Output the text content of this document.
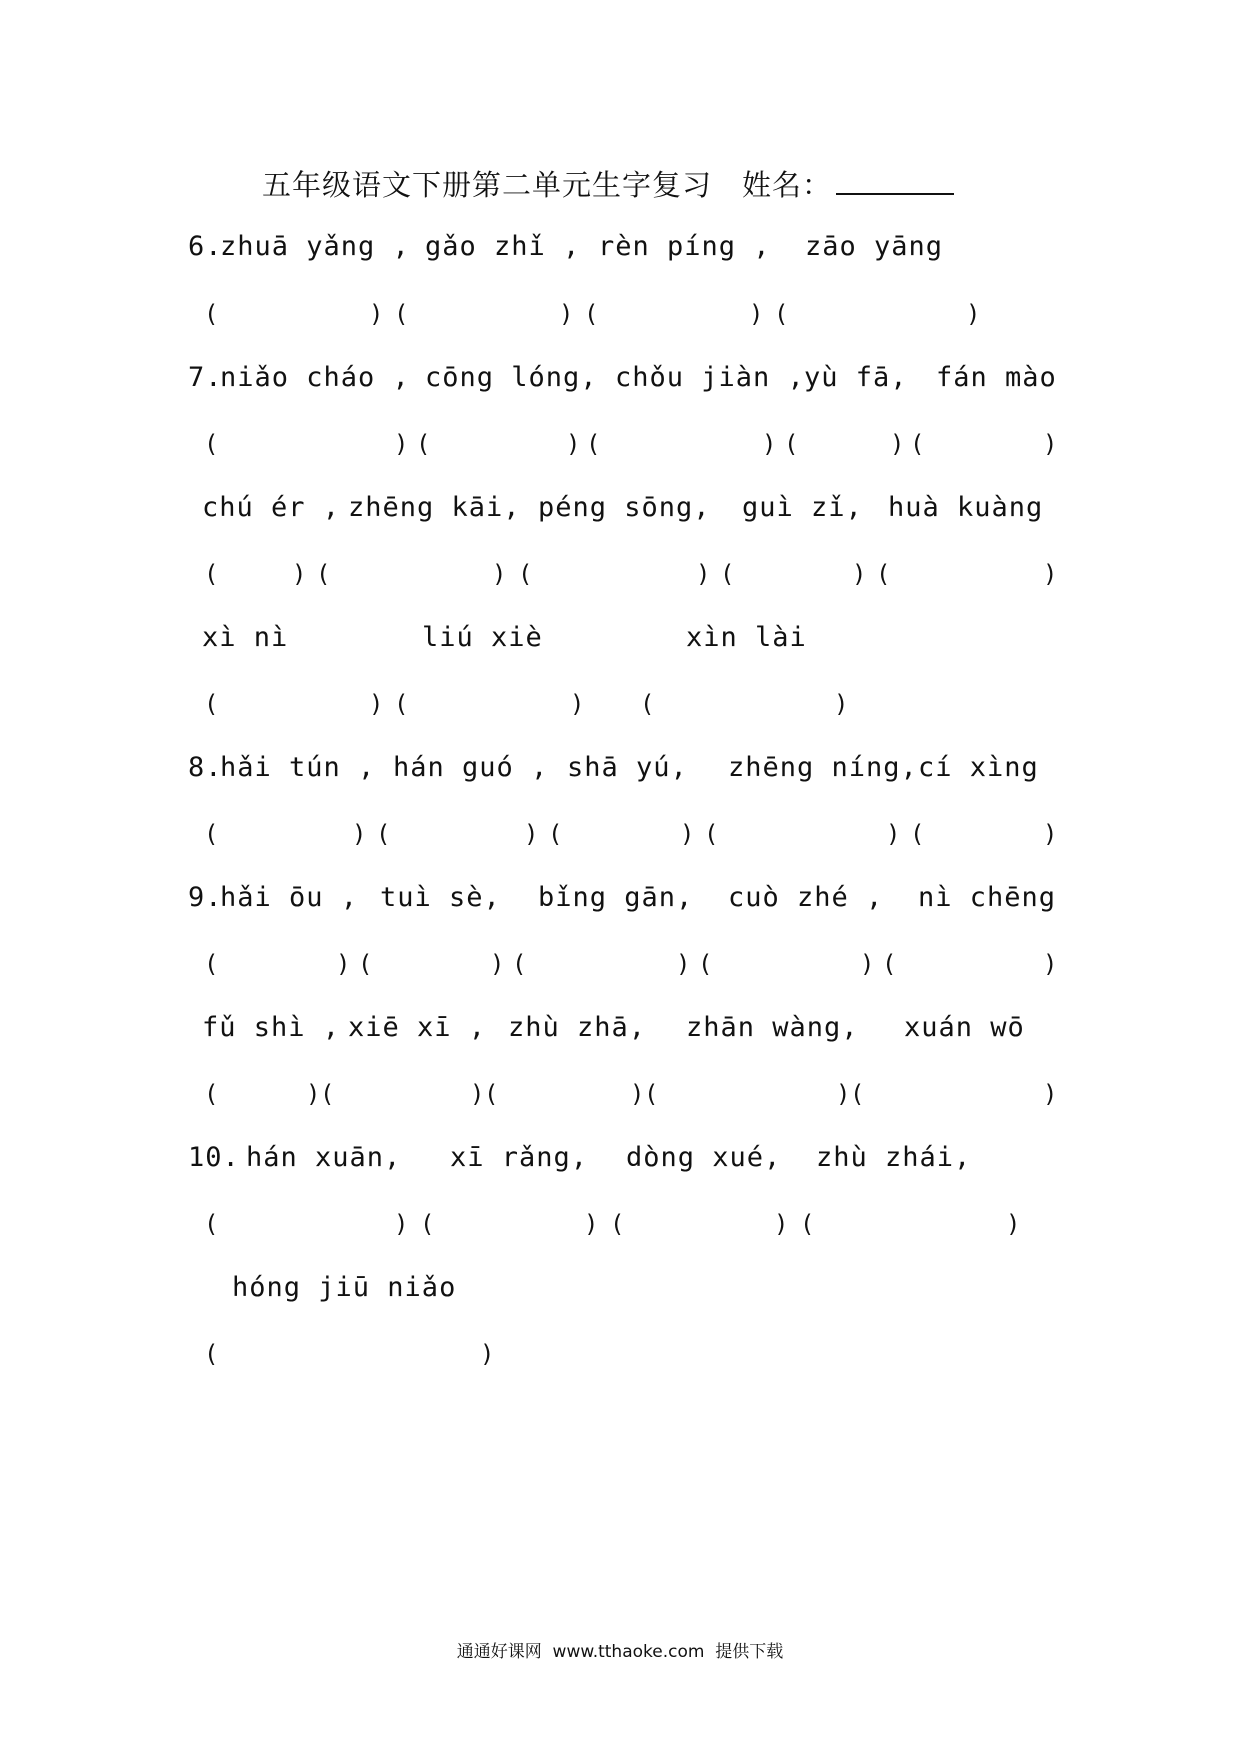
五年级语文下册第二单元生字复习 姓名：
6.
zhuā yǎng , gǎo zhǐ , rèn píng , zāo yāng
(	) (	) (	) (	)
7.
niǎo cháo , cōng lóng, chǒu jiàn , yù fā, fán mào
(	) (	) (	) (	) (	)
chú ér , zhēng kāi, péng sōng, guì zǐ, huà kuàng
(	) (	) (	) (	) (	)
xì nì	liú xiè	xìn lài
(	) (	) (	)
8.
hǎi tún , hán guó , shā yú, zhēng níng, cí xìng
(	) (	) (	) (	) (	)
9.
hǎi ōu , tuì sè, bǐng gān, cuò zhé , nì chēng
(	) (	) (	) (	) (	)
fǔ shì , xiē xī , zhù zhā, zhān wàng, xuán wō
(	)
(	)
(	)
(	)
(	)
10. hán xuān, xī rǎng, dòng xué, zhù zhái,
(	) (	) (	) (	)
hóng jiū niǎo
(	)
通通好课网  www.tthaoke.com  提供下载
